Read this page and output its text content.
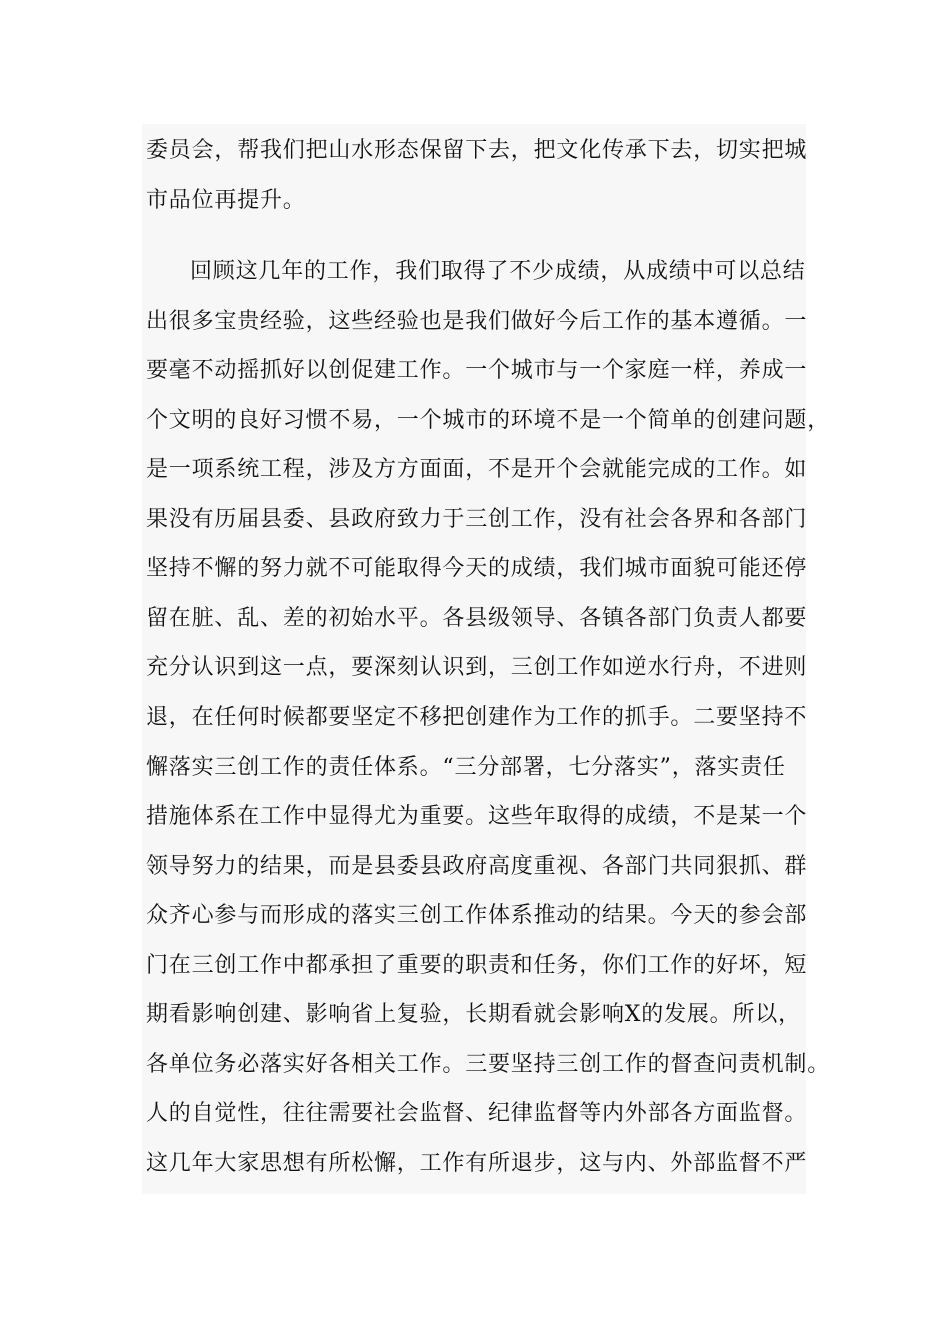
委员会，帮我们把山水形态保留下去，把文化传承下去，切实把城
市品位再提升。
回顾这几年的工作，我们取得了不少成绩，从成绩中可以总结
出很多宝贵经验，这些经验也是我们做好今后工作的基本遵循。一
要毫不动摇抓好以创促建工作。一个城市与一个家庭一样，养成一
个文明的良好习惯不易，一个城市的环境不是一个简单的创建问题，
是一项系统工程，涉及方方面面，不是开个会就能完成的工作。如
果没有历届县委、县政府致力于三创工作，没有社会各界和各部门
坚持不懈的努力就不可能取得今天的成绩，我们城市面貌可能还停
留在脏、乱、差的初始水平。各县级领导、各镇各部门负责人都要
充分认识到这一点，要深刻认识到，三创工作如逆水行舟，不进则
退，在任何时候都要坚定不移把创建作为工作的抓手。二要坚持不
懈落实三创工作的责任体系。“三分部署，七分落实”，落实责任
措施体系在工作中显得尤为重要。这些年取得的成绩，不是某一个
领导努力的结果，而是县委县政府高度重视、各部门共同狠抓、群
众齐心参与而形成的落实三创工作体系推动的结果。今天的参会部
门在三创工作中都承担了重要的职责和任务，你们工作的好坏，短
期看影响创建、影响省上复验，长期看就会影响X的发展。所以，
各单位务必落实好各相关工作。三要坚持三创工作的督查问责机制。
人的自觉性，往往需要社会监督、纪律监督等内外部各方面监督。
这几年大家思想有所松懈，工作有所退步，这与内、外部监督不严
